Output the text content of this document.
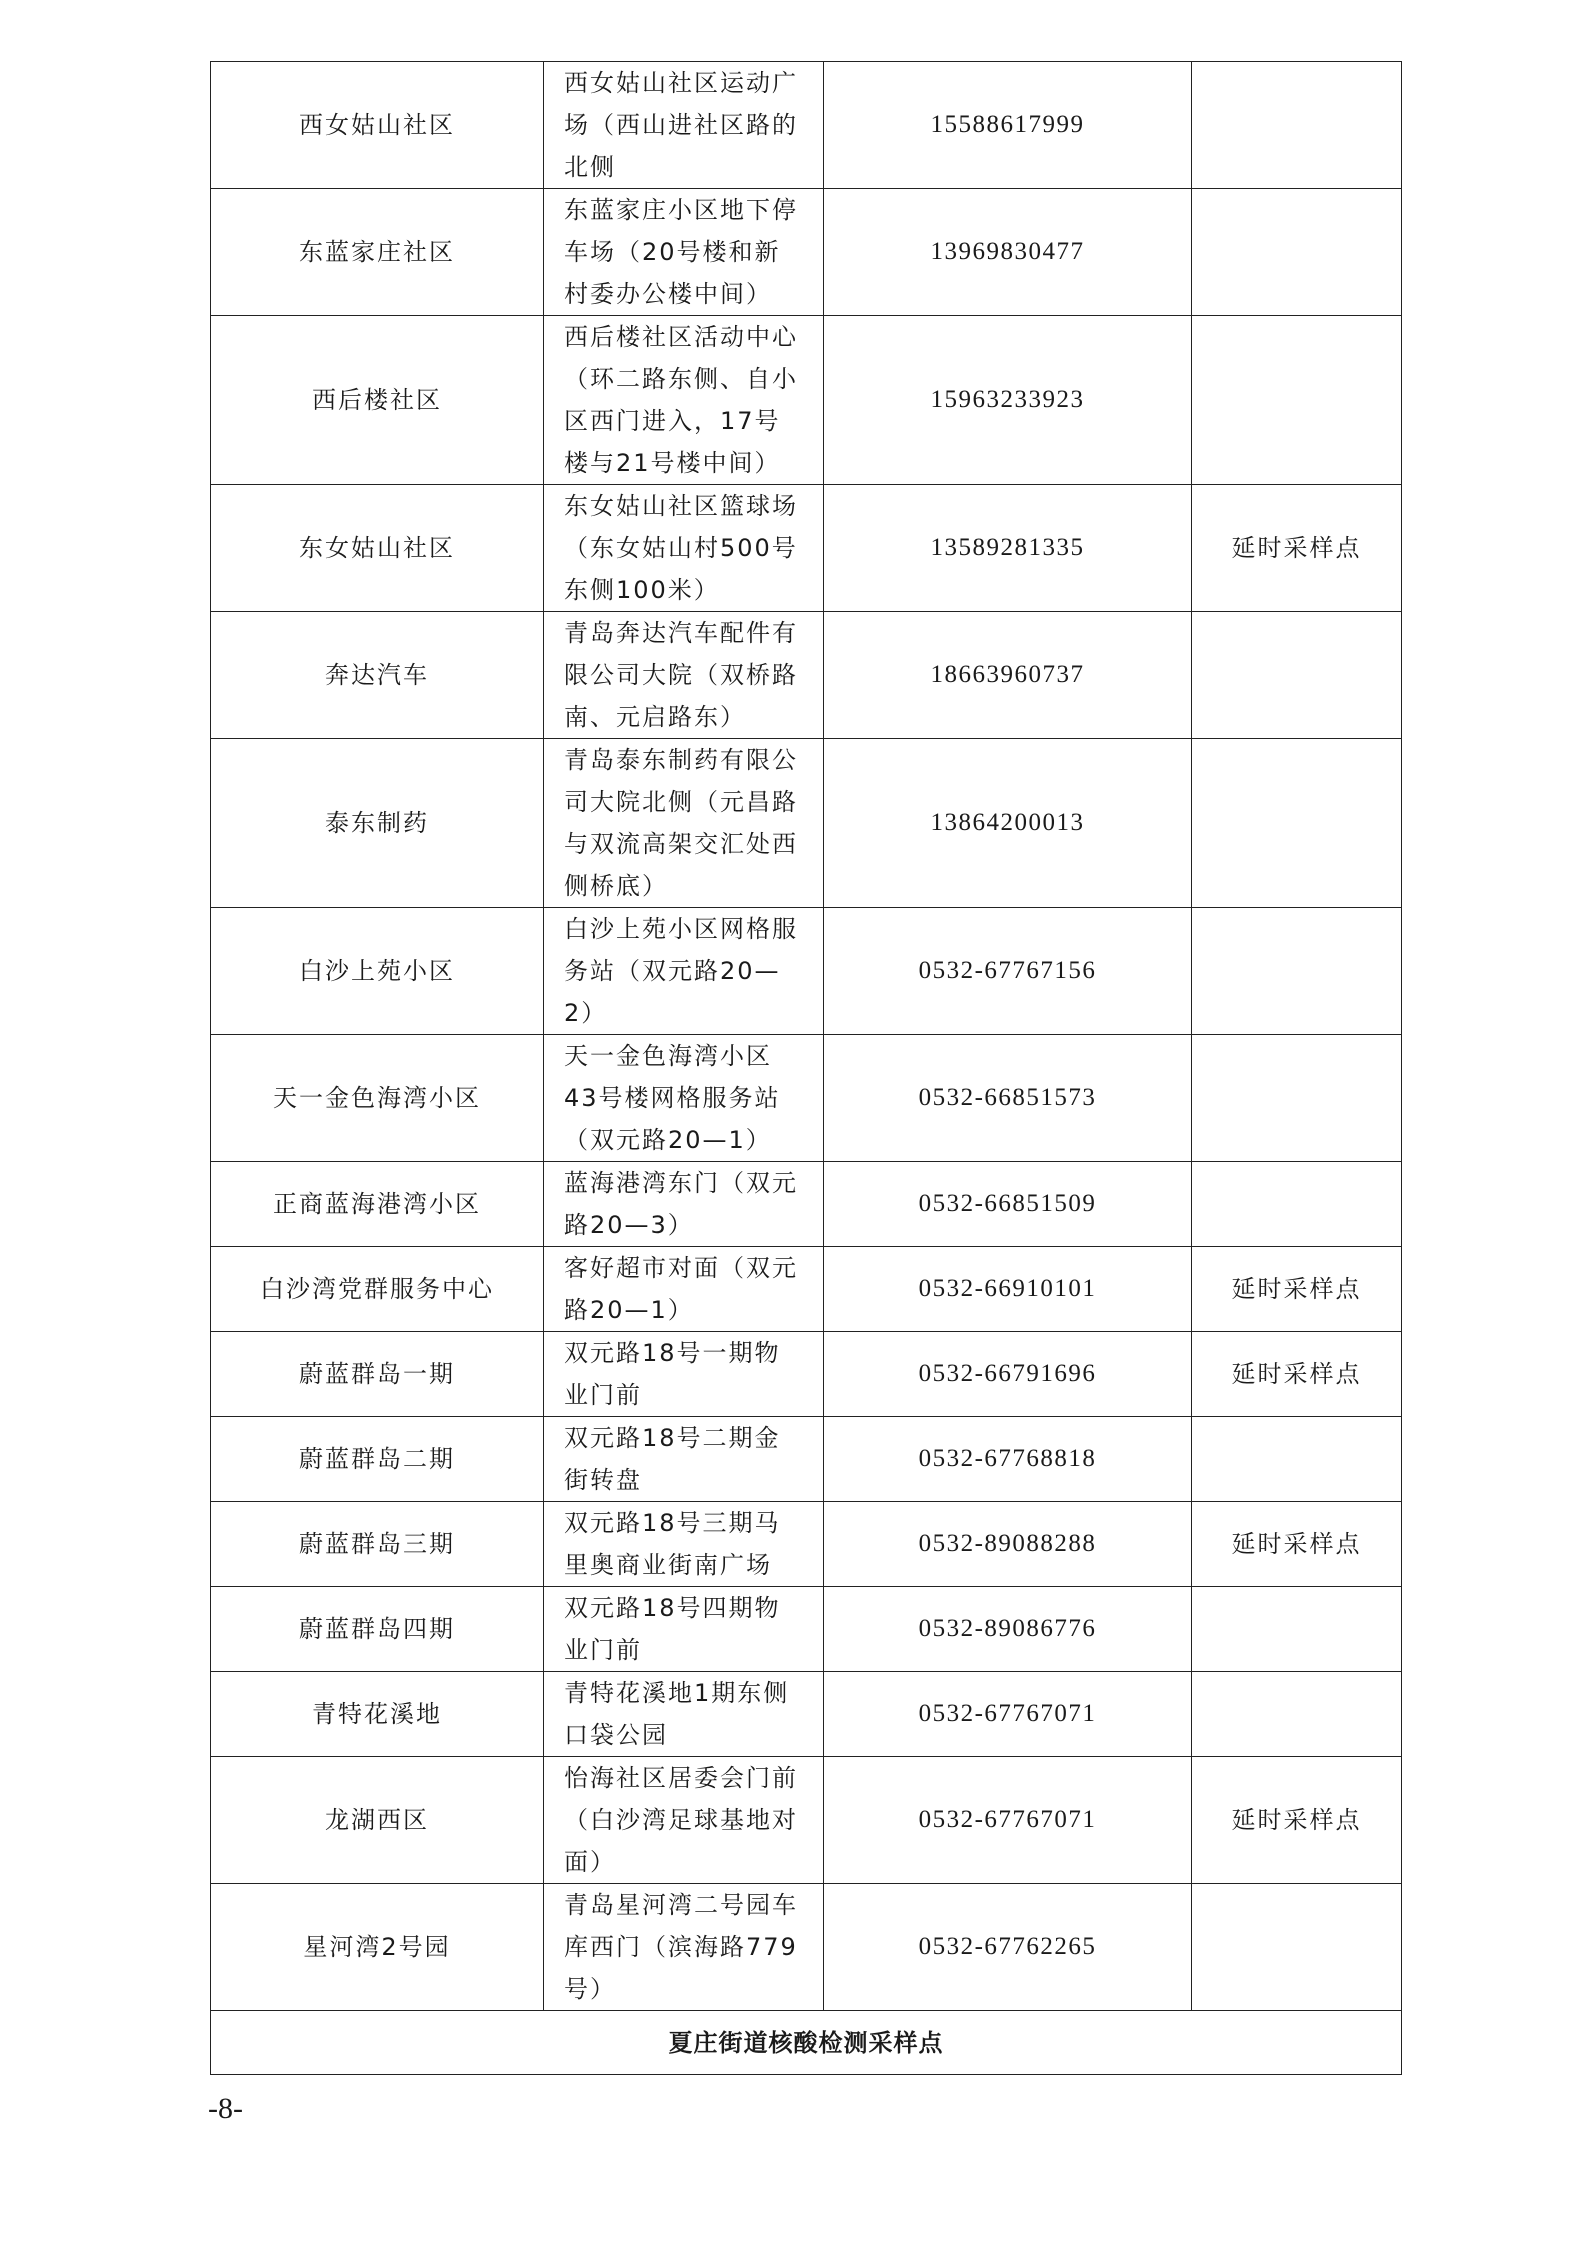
西女姑山社区	西女姑山社区运动广场（西山进社区路的北侧	15588617999	
东蓝家庄社区	东蓝家庄小区地下停车场（20号楼和新村委办公楼中间）	13969830477	
西后楼社区	西后楼社区活动中心（环二路东侧、自小区西门进入，17号楼与21号楼中间）	15963233923	
东女姑山社区	东女姑山社区篮球场（东女姑山村500号东侧100米）	13589281335	延时采样点
奔达汽车	青岛奔达汽车配件有限公司大院（双桥路南、元启路东）	18663960737	
泰东制药	青岛泰东制药有限公司大院北侧（元昌路与双流高架交汇处西侧桥底）	13864200013	
白沙上苑小区	白沙上苑小区网格服务站（双元路20—2）	0532-67767156	
天一金色海湾小区	天一金色海湾小区43号楼网格服务站（双元路20—1）	0532-66851573	
正商蓝海港湾小区	蓝海港湾东门（双元路20—3）	0532-66851509	
白沙湾党群服务中心	客好超市对面（双元路20—1）	0532-66910101	延时采样点
蔚蓝群岛一期	双元路18号一期物业门前	0532-66791696	延时采样点
蔚蓝群岛二期	双元路18号二期金街转盘	0532-67768818	
蔚蓝群岛三期	双元路18号三期马里奥商业街南广场	0532-89088288	延时采样点
蔚蓝群岛四期	双元路18号四期物业门前	0532-89086776	
青特花溪地	青特花溪地1期东侧口袋公园	0532-67767071	
龙湖西区	怡海社区居委会门前（白沙湾足球基地对面）	0532-67767071	延时采样点
星河湾2号园	青岛星河湾二号园车库西门（滨海路779号）	0532-67762265	
夏庄街道核酸检测采样点			
-8-
